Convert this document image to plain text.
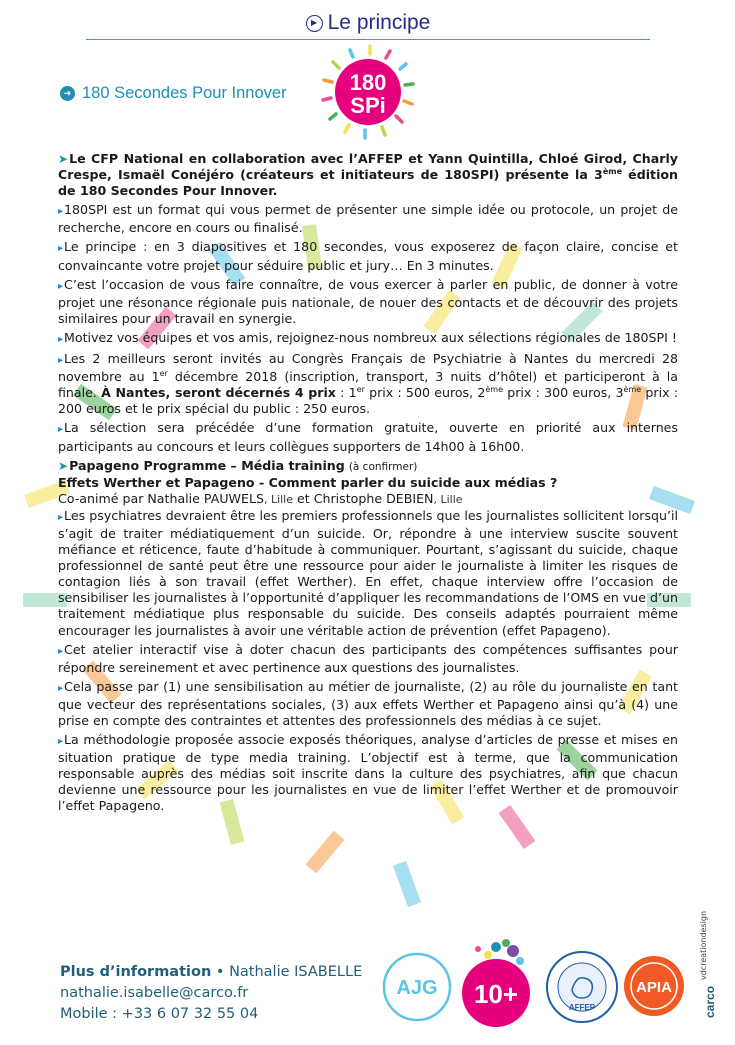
▶ Le principe
➜ 180 Secondes Pour Innover	180
SPi

➤Le CFP National en collaboration avec l’AFFEP et Yann Quintilla, Chloé Girod, Charly Crespe, Ismaël Conéjéro (créateurs et initiateurs de 180SPI) présente la 3ème édition de 180 Secondes Pour Innover.

▸180SPI est un format qui vous permet de présenter une simple idée ou protocole, un projet de recherche, encore en cours ou finalisé.

▸Le principe : en 3 diapositives et 180 secondes, vous exposerez de façon claire, concise et convaincante votre projet pour séduire public et jury… En 3 minutes.

▸C’est l’occasion de vous faire connaître, de vous exercer à parler en public, de donner à votre projet une résonance régionale puis nationale, de nouer des contacts et de découvrir des projets similaires pour un travail en synergie.

▸Motivez vos équipes et vos amis, rejoignez-nous nombreux aux sélections régionales de 180SPI !

▸Les 2 meilleurs seront invités au Congrès Français de Psychiatrie à Nantes du mercredi 28 novembre au 1er décembre 2018 (inscription, transport, 3 nuits d’hôtel) et participeront à la finale. À Nantes, seront décernés 4 prix : 1er prix : 500 euros, 2ème prix : 300 euros, 3ème prix : 200 euros et le prix spécial du public : 250 euros.

▸La sélection sera précédée d’une formation gratuite, ouverte en priorité aux internes participants au concours et leurs collègues supporters de 14h00 à 16h00.

➤Papageno Programme – Média training (à confirmer)
Effets Werther et Papageno - Comment parler du suicide aux médias ?
Co-animé par Nathalie PAUWELS, Lille et Christophe DEBIEN, Lille

▸Les psychiatres devraient être les premiers professionnels que les journalistes sollicitent lorsqu’il s’agit de traiter médiatiquement d’un suicide. Or, répondre à une interview suscite souvent méfiance et réticence, faute d’habitude à communiquer. Pourtant, s’agissant du suicide, chaque professionnel de santé peut être une ressource pour aider le journaliste à limiter les risques de contagion liés à son travail (effet Werther). En effet, chaque interview offre l’occasion de sensibiliser les journalistes à l’opportunité d’appliquer les recommandations de l’OMS en vue d’un traitement médiatique plus responsable du suicide. Des conseils adaptés pourraient même encourager les journalistes à avoir une véritable action de prévention (effet Papageno).

▸Cet atelier interactif vise à doter chacun des participants des compétences suffisantes pour répondre sereinement et avec pertinence aux questions des journalistes.

▸Cela passe par (1) une sensibilisation au métier de journaliste, (2) au rôle du journaliste en tant que vecteur des représentations sociales, (3) aux effets Werther et Papageno ainsi qu’à (4) une prise en compte des contraintes et attentes des professionnels des médias à ce sujet.

▸La méthodologie proposée associe exposés théoriques, analyse d’articles de presse et mises en situation pratique de type media training. L’objectif est à terme, que la communication responsable auprès des médias soit inscrite dans la culture des psychiatres, afin que chacun devienne une ressource pour les journalistes en vue de limiter l’effet Werther et de promouvoir l’effet Papageno.

Plus d’information • Nathalie ISABELLE
nathalie.isabelle@carco.fr
Mobile : +33 6 07 32 55 04
AJG 10+	AFFEP
APIA
vdcreationdesign
carco
